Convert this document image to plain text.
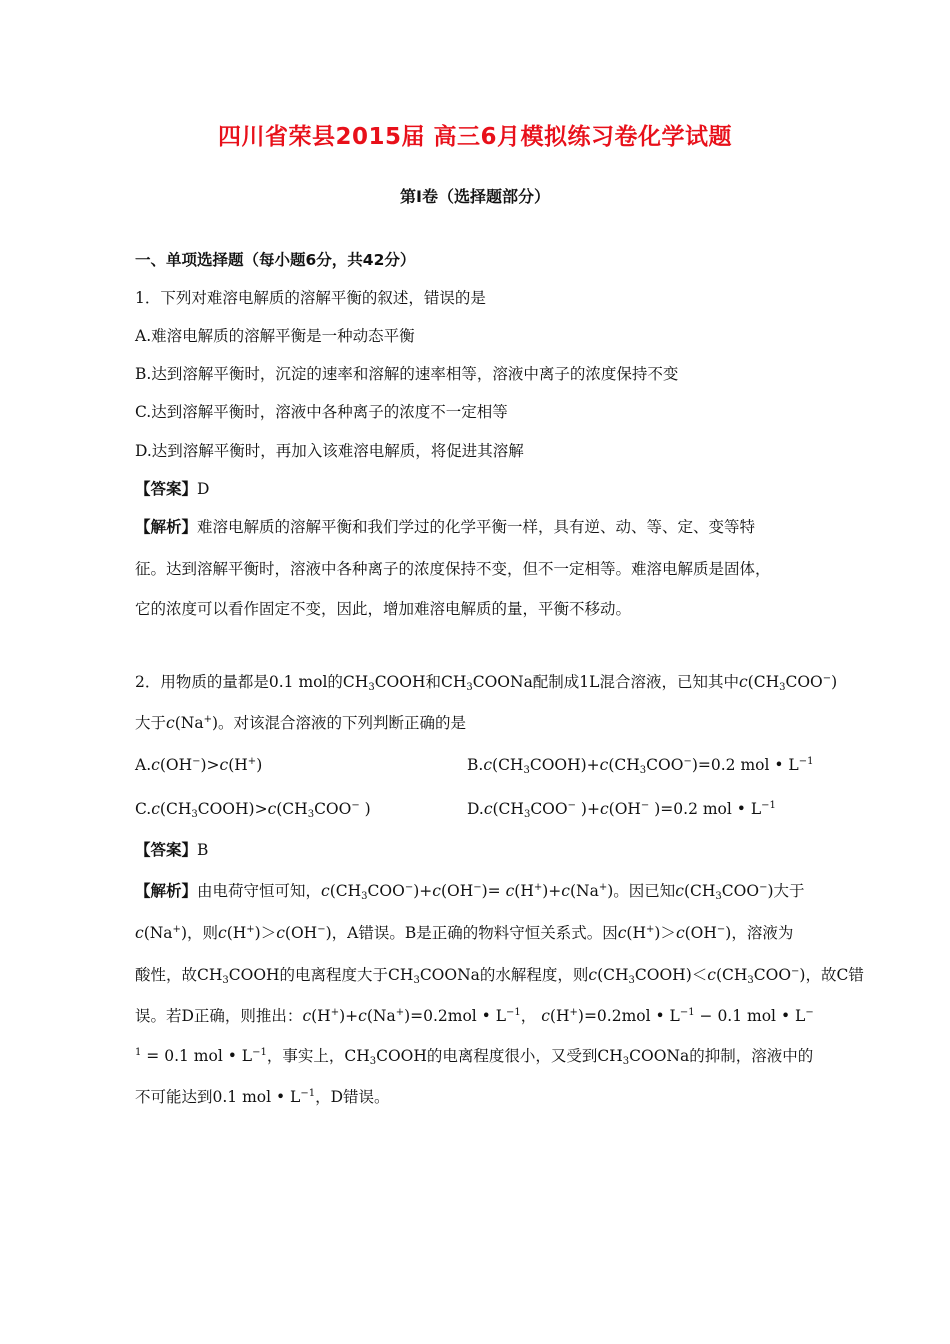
四川省荣县2015届 高三6月模拟练习卷化学试题
第Ⅰ卷（选择题部分）
一、单项选择题（每小题6分，共42分）
1．下列对难溶电解质的溶解平衡的叙述，错误的是
A.难溶电解质的溶解平衡是一种动态平衡
B.达到溶解平衡时，沉淀的速率和溶解的速率相等，溶液中离子的浓度保持不变
C.达到溶解平衡时，溶液中各种离子的浓度不一定相等
D.达到溶解平衡时，再加入该难溶电解质，将促进其溶解
【答案】D
【解析】难溶电解质的溶解平衡和我们学过的化学平衡一样，具有逆、动、等、定、变等特
征。达到溶解平衡时，溶液中各种离子的浓度保持不变，但不一定相等。难溶电解质是固体，
它的浓度可以看作固定不变，因此，增加难溶电解质的量，平衡不移动。
2．用物质的量都是0.1 mol的$CH_3COOH$和$CH_3COONa$配制成1L混合溶液，已知其中$c(CH_3COO^-)$
大于c(Na+)。对该混合溶液的下列判断正确的是
A.c(OH−)>c(H+)	$B.c(CH_3COOH)+c(CH_3COO^-)=0.2$ mol • $L^{-1}$
$C.c(CH_3COOH)>c(CH_3COO^-$ )	$D.c(CH_3COO^-$ )+c(OH− )=0.2 mol • $L^{-1}$
【答案】B
【解析】由电荷守恒可知，$c(CH_3COO^-)+c(OH^-)= c(H^+)+c(Na^+)$。因已知$c(CH_3COO^-)$大于
c(Na+)，则c(H+)＞c(OH−)，A错误。B是正确的物料守恒关系式。因c(H+)＞c(OH−)，溶液为
酸性，故$CH_3COOH$的电离程度大于$CH_3COONa$的水解程度，则$c(CH_3COOH)<c(CH_3COO^-)$，故C错
误。若D正确，则推出：c(H+)+c(Na+)=0.2mol • $L^{-1}$， c(H+)=0.2mol • $L^{-1} - 0.1$ mol • L−
$^1$ = 0.1 mol • $L^{-1}$，事实上，$CH_3COOH$的电离程度很小，又受到$CH_3COONa$的抑制，溶液中的
不可能达到0.1 mol • $L^{-1}$，D错误。
